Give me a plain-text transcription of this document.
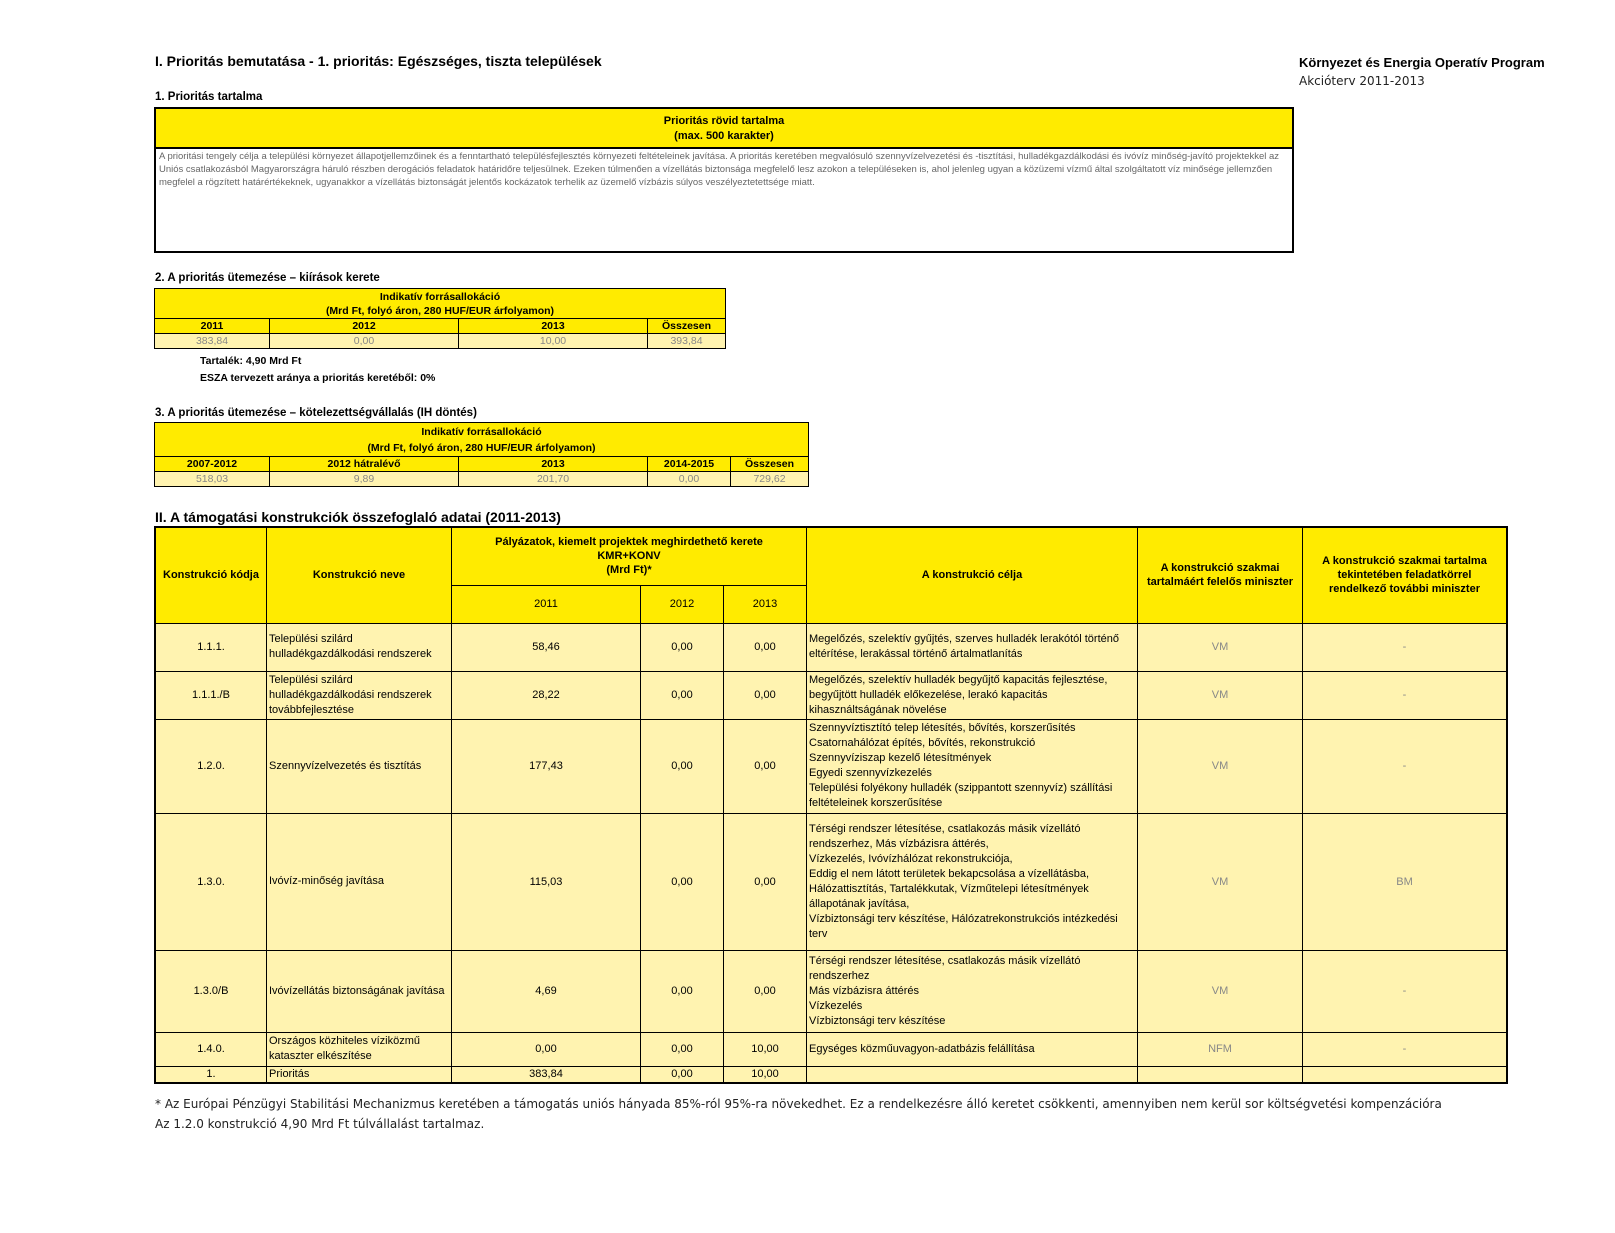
I. Prioritás bemutatása - 1. prioritás: Egészséges, tiszta települések	Környezet és Energia Operatív Program
Akcióterv 2011-2013
1. Prioritás tartalma
Prioritás rövid tartalma
(max. 500 karakter)
A prioritási tengely célja a települési környezet állapotjellemzőinek és a fenntartható településfejlesztés környezeti feltételeinek javítása. A prioritás keretében megvalósuló szennyvízelvezetési és -tisztítási, hulladékgazdálkodási és ivóvíz minőség-javító projektekkel az Uniós csatlakozásból Magyarországra háruló részben derogációs feladatok határidőre teljesülnek. Ezeken túlmenően a vízellátás biztonsága megfelelő lesz azokon a településeken is, ahol jelenleg ugyan a közüzemi vízmű által szolgáltatott víz minősége jellemzően megfelel a rögzített határértékeknek, ugyanakkor a vízellátás biztonságát jelentős kockázatok terhelik az üzemelő vízbázis súlyos veszélyeztetettsége miatt.
2. A prioritás ütemezése – kiírások kerete
Indikatív forrásallokáció
(Mrd Ft, folyó áron, 280 HUF/EUR árfolyamon)			

2011	2012	2013	Összesen
383,84	0,00	10,00	393,84
Tartalék: 4,90 Mrd Ft
ESZA tervezett aránya a prioritás keretéből: 0%
3. A prioritás ütemezése – kötelezettségvállalás (IH döntés)
Indikatív forrásallokáció
(Mrd Ft, folyó áron, 280 HUF/EUR árfolyamon)				

2007-2012	2012 hátralévő	2013	2014-2015	Összesen
518,03	9,89	201,70	0,00	729,62
II. A támogatási konstrukciók összefoglaló adatai (2011-2013)
Konstrukció kódja	Konstrukció neve	Pályázatok, kiemelt projektek meghirdethető kerete
KMR+KONV
(Mrd Ft)*			A konstrukció célja	A konstrukció szakmai tartalmáért felelős miniszter	A konstrukció szakmai tartalma tekintetében feladatkörrel rendelkező további miniszter
		2011	2012	2013			
1.1.1.	Települési szilárd hulladékgazdálkodási rendszerek	58,46	0,00	0,00	Megelőzés, szelektív gyűjtés, szerves hulladék lerakótól történő eltérítése, lerakással történő ártalmatlanítás	VM	-
1.1.1./B	Települési szilárd hulladékgazdálkodási rendszerek továbbfejlesztése	28,22	0,00	0,00	Megelőzés, szelektív hulladék begyűjtő kapacitás fejlesztése, begyűjtött hulladék előkezelése, lerakó kapacitás kihasználtságának növelése	VM	-
1.2.0.	Szennyvízelvezetés és tisztítás	177,43	0,00	0,00	Szennyvíztisztító telep létesítés, bővítés, korszerűsítés
Csatornahálózat építés, bővítés, rekonstrukció
Szennyvíziszap kezelő létesítmények
Egyedi szennyvízkezelés
Települési folyékony hulladék (szippantott szennyvíz) szállítási feltételeinek korszerűsítése	VM	-
1.3.0.	Ivóvíz-minőség javítása	115,03	0,00	0,00	Térségi rendszer létesítése, csatlakozás másik vízellátó rendszerhez, Más vízbázisra áttérés,
Vízkezelés, Ivóvízhálózat rekonstrukciója,
Eddig el nem látott területek bekapcsolása a vízellátásba,
Hálózattisztítás, Tartalékkutak, Vízműtelepi létesítmények állapotának javítása,
Vízbiztonsági terv készítése, Hálózatrekonstrukciós intézkedési terv	VM	BM
1.3.0/B	Ivóvízellátás biztonságának javítása	4,69	0,00	0,00	Térségi rendszer létesítése, csatlakozás másik vízellátó rendszerhez
Más vízbázisra áttérés
Vízkezelés
Vízbiztonsági terv készítése	VM	-
1.4.0.	Országos közhiteles víziközmű kataszter elkészítése	0,00	0,00	10,00	Egységes közműuvagyon-adatbázis felállítása	NFM	-
1.	Prioritás	383,84	0,00	10,00			
* Az Európai Pénzügyi Stabilitási Mechanizmus keretében a támogatás uniós hányada 85%-ról 95%-ra növekedhet. Ez a rendelkezésre álló keretet csökkenti, amennyiben nem kerül sor költségvetési kompenzációra
Az 1.2.0 konstrukció 4,90 Mrd Ft túlvállalást tartalmaz.
